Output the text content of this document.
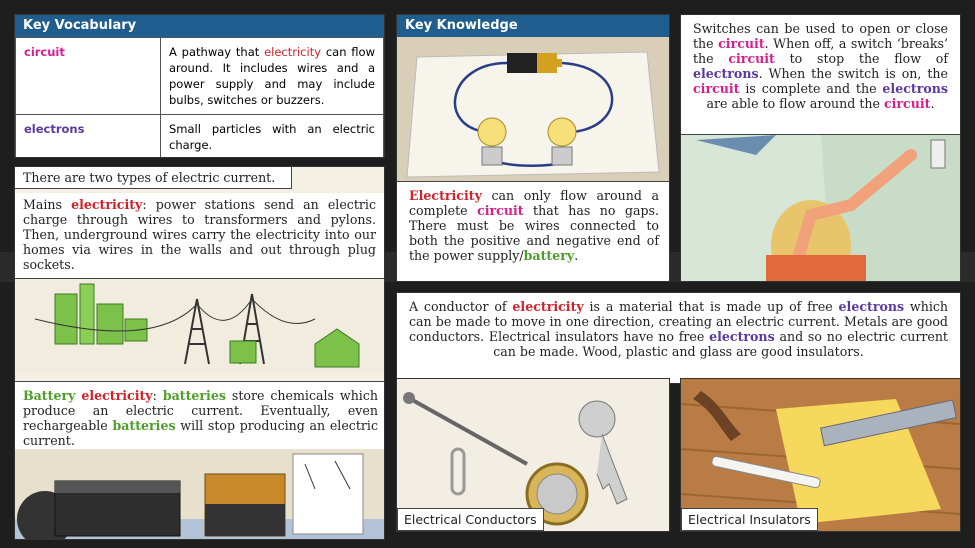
Key Vocabulary
circuit	A pathway that electricity can flow around. It includes wires and a power supply and may include bulbs, switches or buzzers.
electrons	Small particles with an electric charge.
There are two types of electric current.
Mains electricity: power stations send an electric charge through wires to transformers and pylons. Then, underground wires carry the electricity into our homes via wires in the walls and out through plug sockets.
Battery electricity: batteries store chemicals which produce an electric current. Eventually, even rechargeable batteries will stop producing an electric current.
Key Knowledge
Electricity can only flow around a complete circuit that has no gaps. There must be wires connected to both the positive and negative end of the power supply/battery.
Switches can be used to open or close the circuit. When off, a switch ‘breaks’ the circuit to stop the flow of electrons. When the switch is on, the circuit is complete and the electrons are able to flow around the circuit.
A conductor of electricity is a material that is made up of free electrons which can be made to move in one direction, creating an electric current. Metals are good conductors. Electrical insulators have no free electrons and so no electric current can be made. Wood, plastic and glass are good insulators.
Electrical Conductors	Electrical Insulators
